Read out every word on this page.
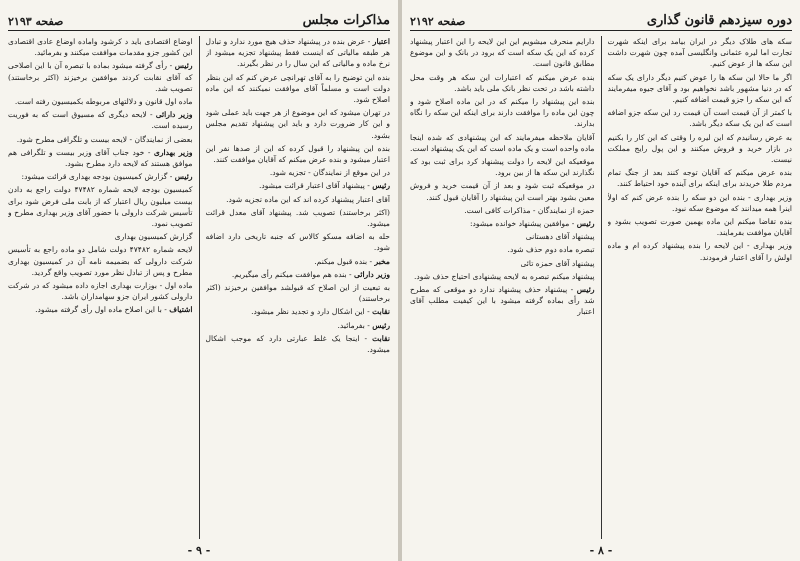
مذاکرات مجلس
صفحه ۲۱۹۳

اعتبار - عرض بنده در پیشنهاد حذف هیچ مورد ندارد و تبادل هر طبقه مالیاتی که اینست فقط پیشنهاد تجزیه میشود از نرخ ماده و مالیاتی که این سال را در نظر بگیرند.

بنده این توضیح را به آقای تهرانچی عرض کنم که این بنظر دولت است و مسلماً آقای موافقت نمیکنند که این ماده اصلاح شود.

در تهران میشود که این موضوع از هر جهت باید عملی شود و این کار ضرورت دارد و باید این پیشنهاد تقدیم مجلس بشود.

بنده این پیشنهاد را قبول کرده که این از صدها نفر این اعتبار میشود و بنده عرض میکنم که آقایان موافقت کنند.

در این موقع از نمایندگان - تجزیه شود.

رئیس - پیشنهاد آقای اعتبار قرائت میشود.

آقای اعتبار پیشنهاد کرده اند که این ماده تجزیه شود.

(اکثر برخاستند) تصویب شد. پیشنهاد آقای معدل قرائت میشود.

حله به اضافه مسکو کالاس که جنبه تاریخی دارد اضافه شود.

مخبر - بنده قبول میکنم.

وزیر دارائی - بنده هم موافقت میکنم رأی میگیریم.

به تبعیت از این اصلاح که قبولشد موافقین برخیزند (اکثر برخاستند)

نقابت - این اشکال دارد و تجدید نظر میشود.

رئیس - بفرمائید.

نقابت - اینجا یک غلط عبارتی دارد که موجب اشکال میشود.

اوضاع اقتصادی باید د کرشود واماده اوضاع عادی اقتصادی این کشور جزو مقدمات موافقت میکنند و بفرمائید.

رئیس - رأی گرفته میشود بماده با تبصره آن با این اصلاحی که آقای نقابت کردند موافقین برخیزند (اکثر برخاستند) تصویب شد.

ماده اول قانون و دلالتهای مربوطه بکمیسیون رفته است.

وزیر دارائی - لایحه دیگری که مسیوق است که به فوریت رسیده است.

بعضی از نمایندگان - لایحه بیست و تلگرافی مطرح شود.

وزیر بهداری - خود جناب آقای وزیر بیست و تلگرافی هم موافق هستند که لایحه دارد مطرح بشود.

رئیس - گزارش کمیسیون بودجه بهداری قرائت میشود:

کمیسیون بودجه لایحه شماره ۴۷۴۸۲ دولت راجع به دادن بیست میلیون ریال اعتبار که از بابت ملی فرض شود برای تأسیس شرکت دارولی با حضور آقای وزیر بهداری مطرح و تصویب نمود.

گزارش کمیسیون بهداری

لایحه شماره ۴۷۴۸۲ دولت شامل دو ماده راجع به تأسیس شرکت دارولی که بضمیمه نامه آن در کمیسیون بهداری مطرح و پس از تبادل نظر مورد تصویب واقع گردید.

ماده اول - بوزارت بهداری اجازه داده میشود که در شرکت دارولی کشور ایران جزو سهامداران باشد.

اشتیاف - با این اصلاح ماده اول رأی گرفته میشود.

- ۹ -
دوره سیزدهم قانون گذاری
صفحه ۲۱۹۲

سکه های طلاک دیگر در ایران بیامد برای اینکه شهرت تجارت اما لیره عثمانی وانگلیسی آمده چون شهرت داشت این سکه ها از عوض کنیم.

اگر ما حالا این سکه ها را عوض کنیم دیگر دارای یک سکه که در دنیا مشهور باشد نخواهیم بود و آقای جیوه میفرمایند که این سکه را جزو قیمت اضافه کنیم.

با کمتر از آن قیمت است آن قیمت رد این سکه جزو اضافه است که این یک سکه دیگر باشد.

به عرض رسانیدم که این لیره را وقتی که این کار را بکنیم در بازار خرید و فروش میکنند و این پول رایج مملکت نیست.

بنده عرض میکنم که آقایان توجه کنند بعد از جنگ تمام مردم طلا خریدند برای اینکه برای آینده خود احتیاط کنند.

وزیر بهداری - بنده این دو سکه را بنده عرض کنم که اولاً اینرا همه میدانند که موضوع سکه نبود.

بنده تقاضا میکنم این ماده بهمین صورت تصویب بشود و آقایان موافقت بفرمایند.

وزیر بهداری - این لایحه را بنده پیشنهاد کرده ام و ماده اولش را آقای اعتبار فرمودند.

دارایم منحرف میشویم این این لایحه را این اعتبار پیشنهاد کرده که این یک سکه است که برود در بانک و این موضوع مطابق قانون است.

بنده عرض میکنم که اعتبارات این سکه هر وقت محل داشته باشد در تحت نظر بانک ملی باید باشد.

بنده این پیشنهاد را میکنم که در این ماده اصلاح شود و چون این ماده را موافقت دارند برای اینکه این سکه را نگاه بدارند.

آقایان ملاحظه میفرمایند که این پیشنهادی که شده اینجا ماده واحده است و یک ماده است که این یک پیشنهاد است.

موقعیکه این لایحه را دولت پیشنهاد کرد برای ثبت بود که نگذارند این سکه ها از بین برود.

در موقعیکه ثبت شود و بعد از آن قیمت خرید و فروش معین بشود بهتر است این پیشنهاد را آقایان قبول کنند.

حمزه از نمایندگان - مذاکرات کافی است.

رئیس - موافقین پیشنهاد خوانده میشود:

پیشنهاد آقای دهستانی

تبصره ماده دوم حذف شود.

پیشنهاد آقای حمزه تائی

پیشنهاد میکنم تبصره به لایحه پیشنهادی احتیاج حذف شود.

رئیس - پیشنهاد حذف پیشنهاد ندارد دو موقعی که مطرح شد رأی بماده گرفته میشود با این کیفیت مطلب آقای اعتبار

- ۸ -
